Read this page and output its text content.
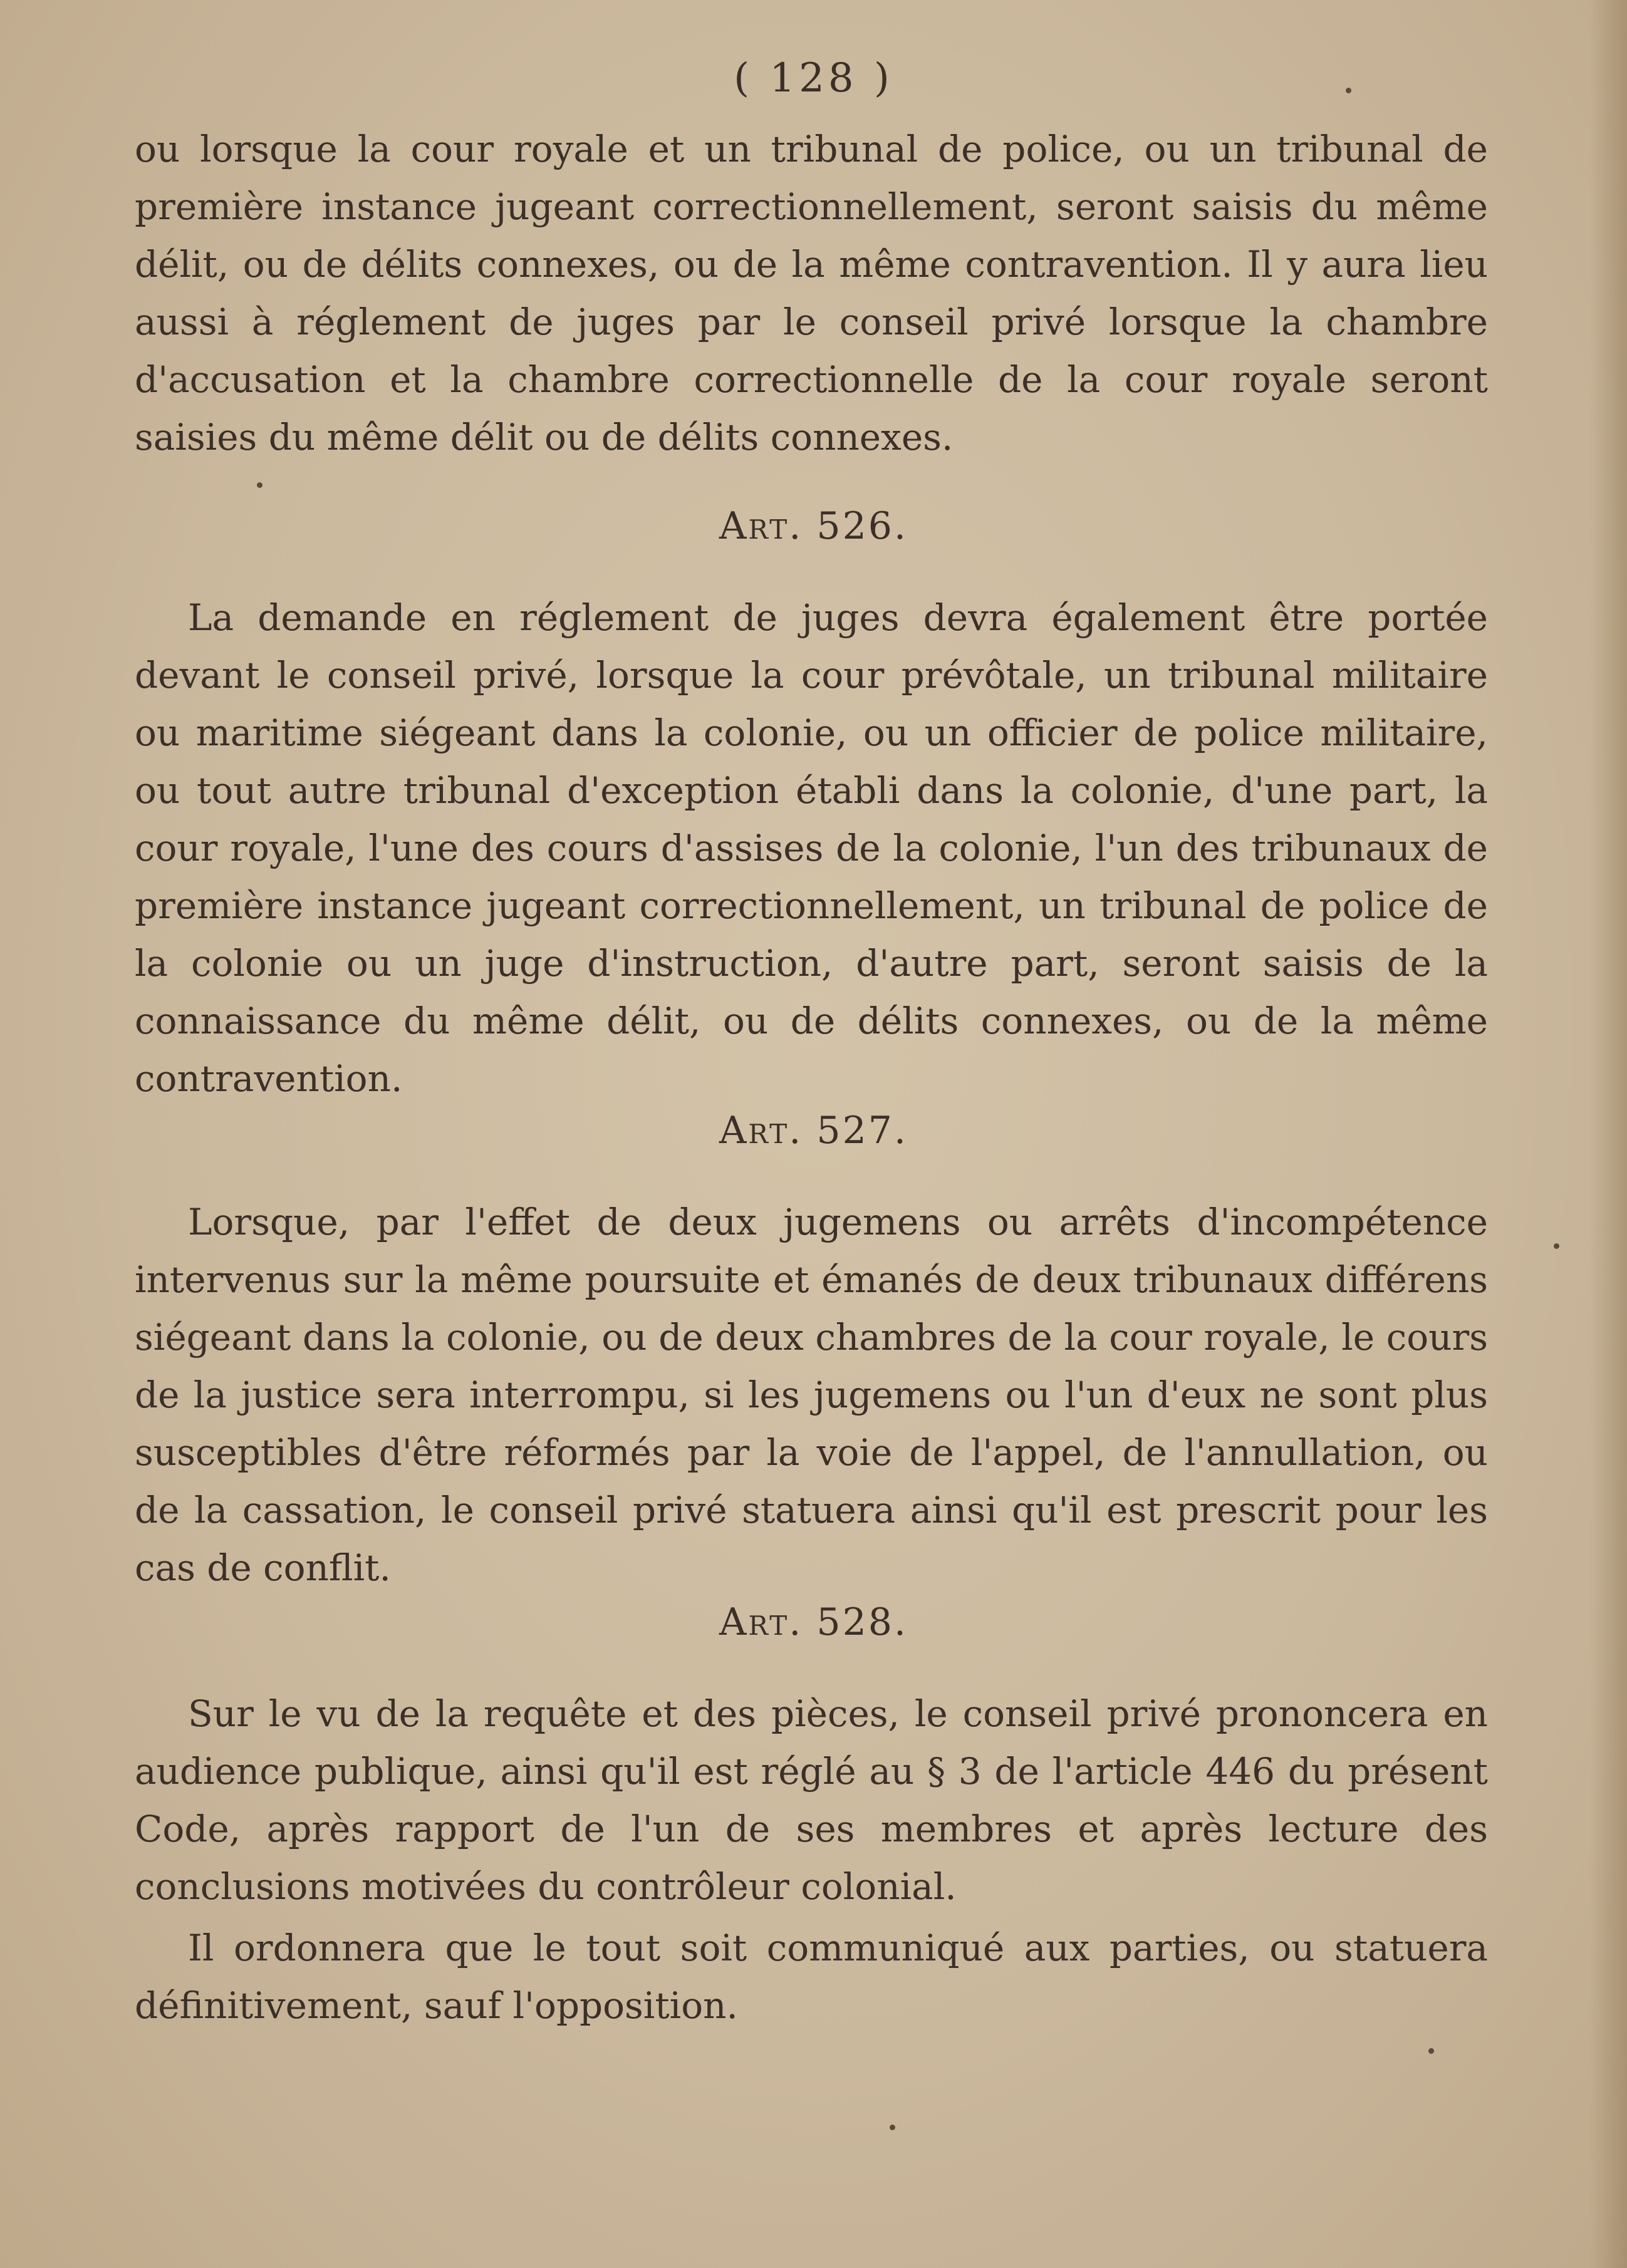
( 128 )

ou lorsque la cour royale et un tribunal de police, ou un tribunal de première instance jugeant correctionnellement, seront saisis du même délit, ou de délits connexes, ou de la même contravention. Il y aura lieu aussi à réglement de juges par le conseil privé lorsque la chambre d'accusation et la chambre correctionnelle de la cour royale seront saisies du même délit ou de délits connexes.

Art. 526.

La demande en réglement de juges devra également être portée devant le conseil privé, lorsque la cour prévôtale, un tribunal militaire ou maritime siégeant dans la colonie, ou un officier de police militaire, ou tout autre tribunal d'exception établi dans la colonie, d'une part, la cour royale, l'une des cours d'assises de la colonie, l'un des tribunaux de première instance jugeant correctionnellement, un tribunal de police de la colonie ou un juge d'instruction, d'autre part, seront saisis de la connaissance du même délit, ou de délits connexes, ou de la même contravention.

Art. 527.

Lorsque, par l'effet de deux jugemens ou arrêts d'incompétence intervenus sur la même poursuite et émanés de deux tribunaux différens siégeant dans la colonie, ou de deux chambres de la cour royale, le cours de la justice sera interrompu, si les jugemens ou l'un d'eux ne sont plus susceptibles d'être réformés par la voie de l'appel, de l'annullation, ou de la cassation, le conseil privé statuera ainsi qu'il est prescrit pour les cas de conflit.

Art. 528.

Sur le vu de la requête et des pièces, le conseil privé prononcera en audience publique, ainsi qu'il est réglé au § 3 de l'article 446 du présent Code, après rapport de l'un de ses membres et après lecture des conclusions motivées du contrôleur colonial.

Il ordonnera que le tout soit communiqué aux parties, ou statuera définitivement, sauf l'opposition.
